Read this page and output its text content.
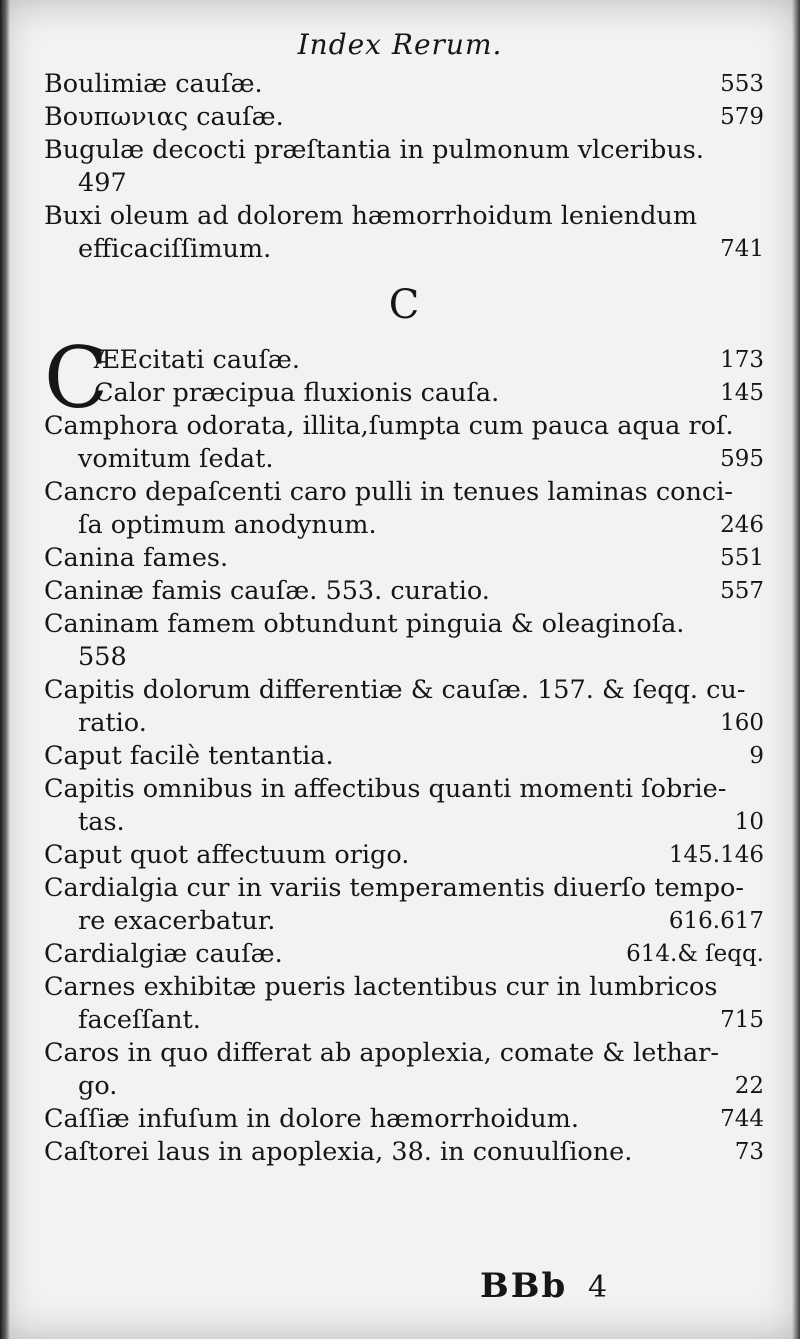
Index Rerum.
Boulimiæ cauſæ.	553
Βουπωνιας cauſæ.	579
Bugulæ decocti præſtantia in pulmonum vlceribus.
497
Buxi oleum ad dolorem hæmorrhoidum leniendum
efficaciſſimum.	741
C
C
ÆEcitati cauſæ.	173
Calor præcipua fluxionis cauſa.	145
Camphora odorata, illita,ſumpta cum pauca aqua roſ.
vomitum ſedat.	595
Cancro depaſcenti caro pulli in tenues laminas conci-
ſa optimum anodynum.	246
Canina fames.	551
Caninæ famis cauſæ. 553. curatio.	557
Caninam famem obtundunt pinguia & oleaginoſa.
558
Capitis dolorum differentiæ & cauſæ. 157. & ſeqq. cu-
ratio.	160
Caput facilè tentantia.	9
Capitis omnibus in affectibus quanti momenti ſobrie-
tas.	10
Caput quot affectuum origo.	145.146
Cardialgia cur in variis temperamentis diuerſo tempo-
re exacerbatur.	616.617
Cardialgiæ cauſæ.	614.& ſeqq.
Carnes exhibitæ pueris lactentibus cur in lumbricos
faceſſant.	715
Caros in quo differat ab apoplexia, comate & lethar-
go.	22
Caſſiæ infuſum in dolore hæmorrhoidum.	744
Caſtorei laus in apoplexia, 38. in conuulſione.	73
BBb 4
